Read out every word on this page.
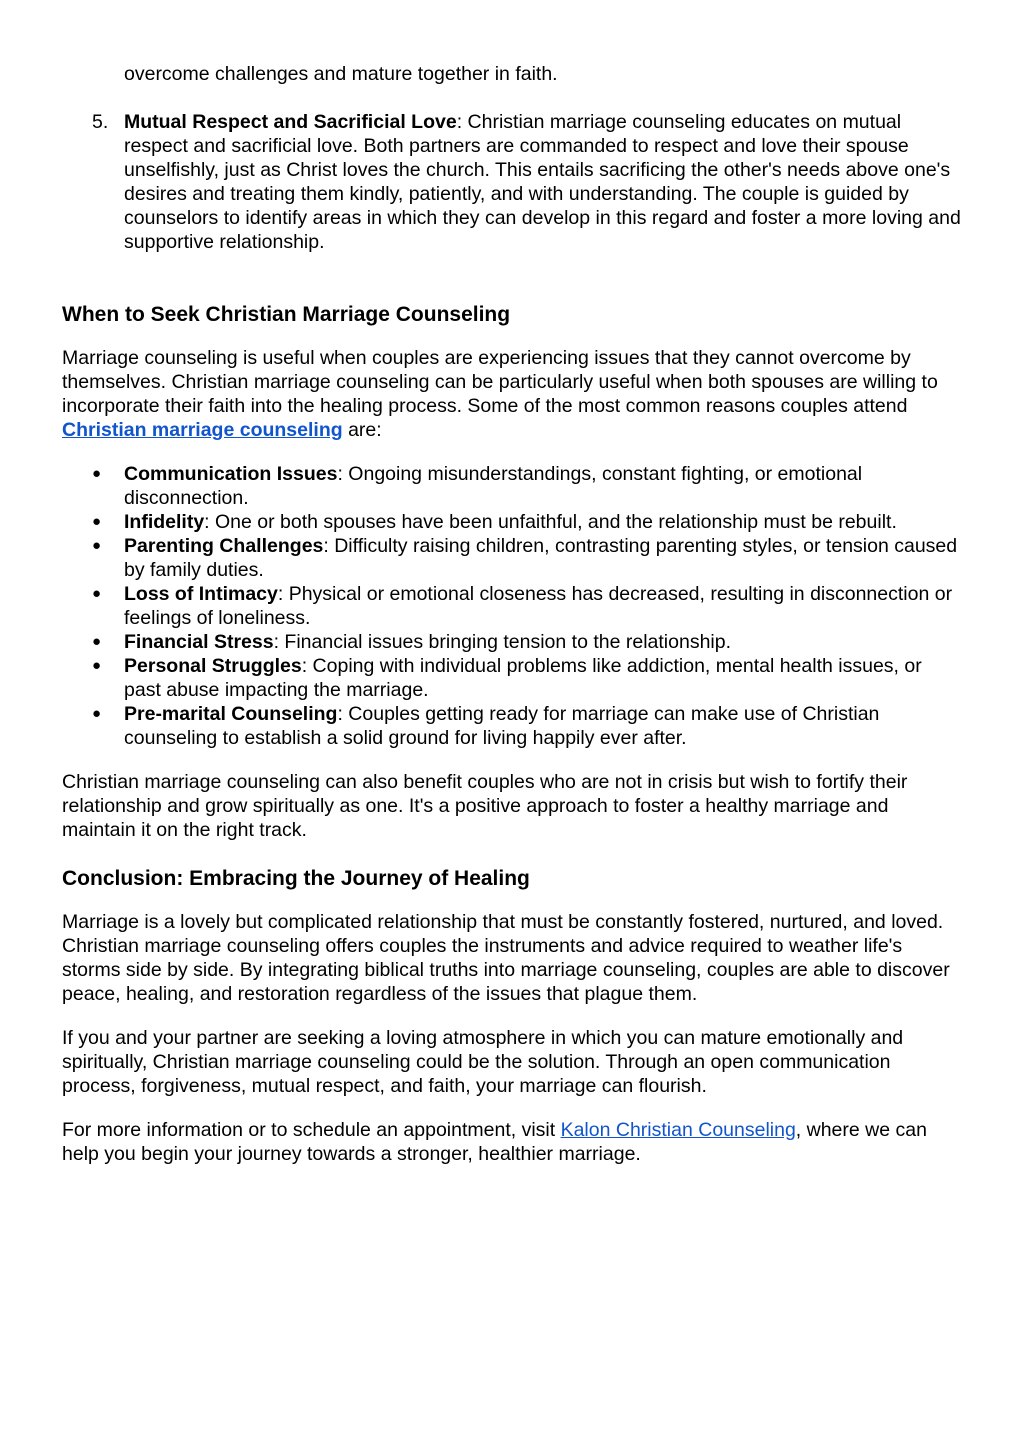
overcome challenges and mature together in faith.

5. Mutual Respect and Sacrificial Love: Christian marriage counseling educates on mutual respect and sacrificial love. Both partners are commanded to respect and love their spouse unselfishly, just as Christ loves the church. This entails sacrificing the other's needs above one's desires and treating them kindly, patiently, and with understanding. The couple is guided by counselors to identify areas in which they can develop in this regard and foster a more loving and supportive relationship.
When to Seek Christian Marriage Counseling

Marriage counseling is useful when couples are experiencing issues that they cannot overcome by themselves. Christian marriage counseling can be particularly useful when both spouses are willing to incorporate their faith into the healing process. Some of the most common reasons couples attend Christian marriage counseling are:

● Communication Issues: Ongoing misunderstandings, constant fighting, or emotional disconnection.
● Infidelity: One or both spouses have been unfaithful, and the relationship must be rebuilt.
● Parenting Challenges: Difficulty raising children, contrasting parenting styles, or tension caused by family duties.
● Loss of Intimacy: Physical or emotional closeness has decreased, resulting in disconnection or feelings of loneliness.
● Financial Stress: Financial issues bringing tension to the relationship.
● Personal Struggles: Coping with individual problems like addiction, mental health issues, or past abuse impacting the marriage.
● Pre-marital Counseling: Couples getting ready for marriage can make use of Christian counseling to establish a solid ground for living happily ever after.

Christian marriage counseling can also benefit couples who are not in crisis but wish to fortify their relationship and grow spiritually as one. It's a positive approach to foster a healthy marriage and maintain it on the right track.

Conclusion: Embracing the Journey of Healing

Marriage is a lovely but complicated relationship that must be constantly fostered, nurtured, and loved. Christian marriage counseling offers couples the instruments and advice required to weather life's storms side by side. By integrating biblical truths into marriage counseling, couples are able to discover peace, healing, and restoration regardless of the issues that plague them.

If you and your partner are seeking a loving atmosphere in which you can mature emotionally and spiritually, Christian marriage counseling could be the solution. Through an open communication process, forgiveness, mutual respect, and faith, your marriage can flourish.

For more information or to schedule an appointment, visit Kalon Christian Counseling, where we can help you begin your journey towards a stronger, healthier marriage.
